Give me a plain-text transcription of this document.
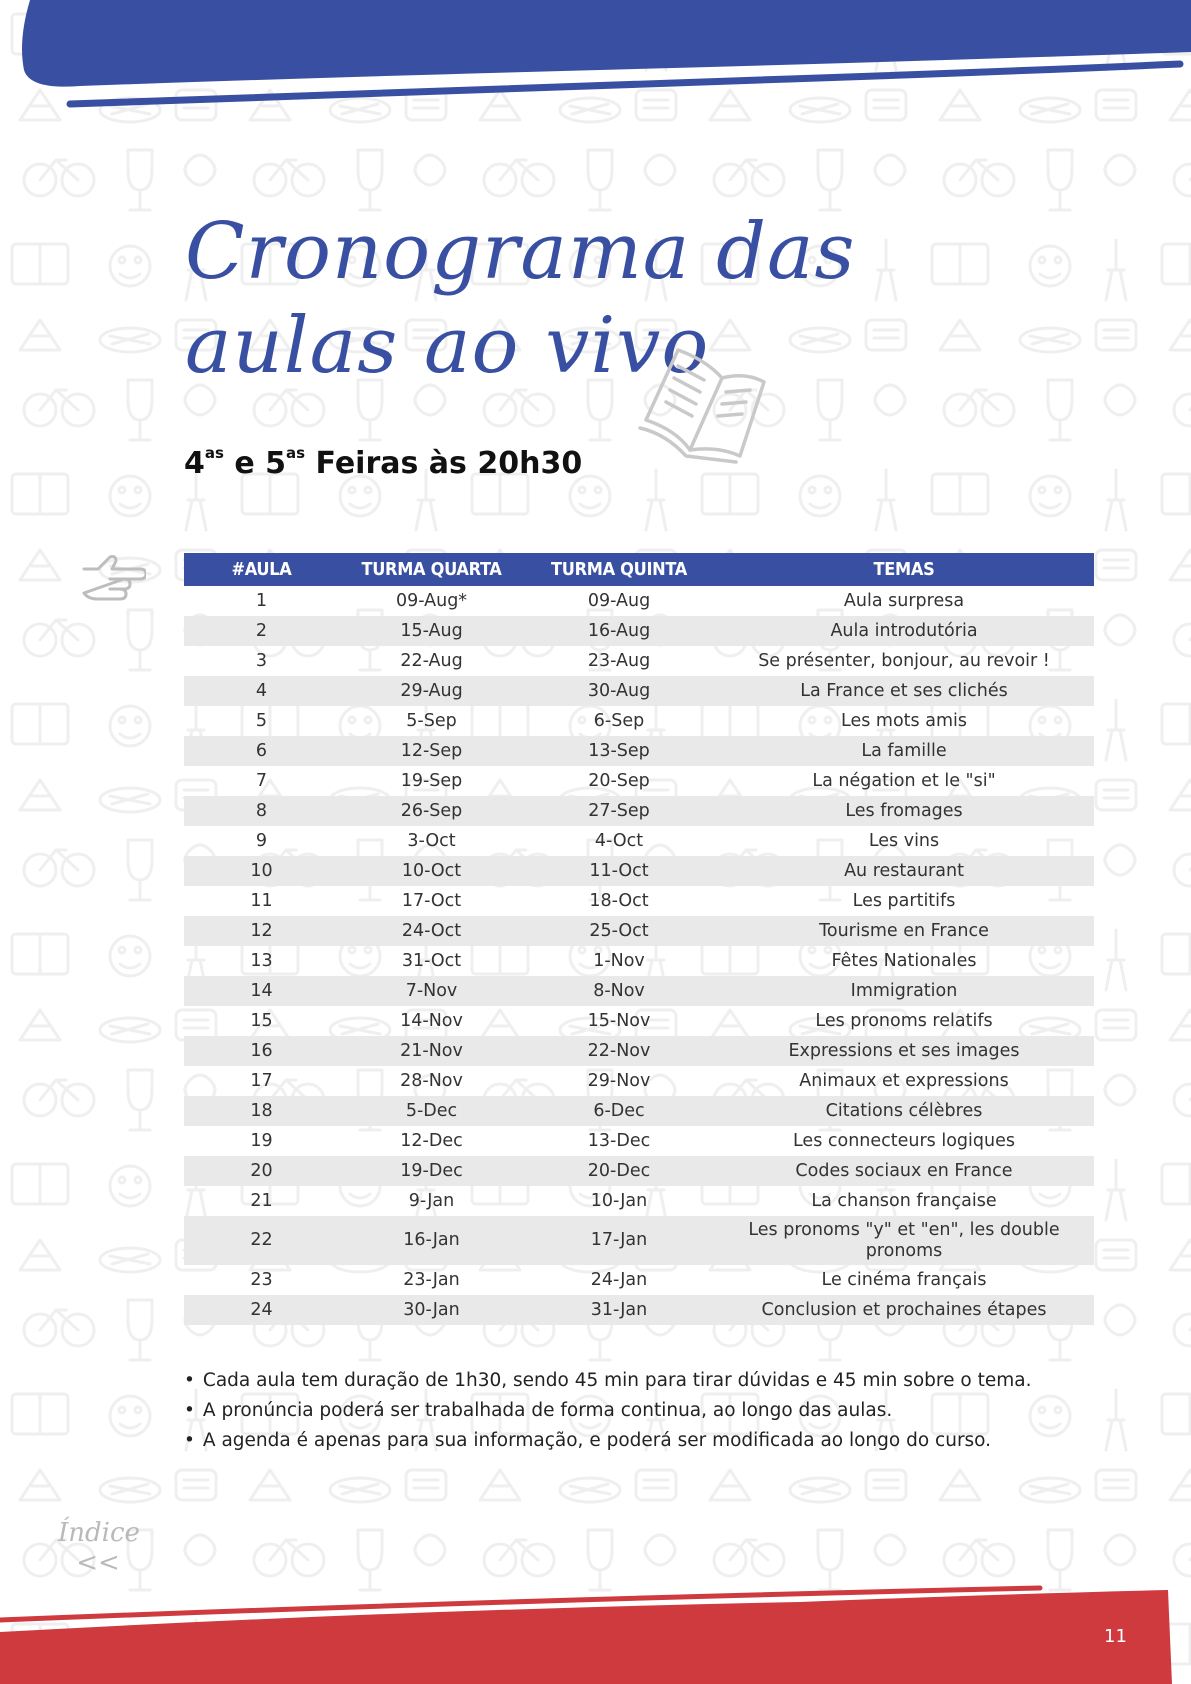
Cronograma das
aulas ao vivo
$4^{as}$ e $5^{as}$ Feiras às 20h30
#AULA	TURMA QUARTA	TURMA QUINTA	TEMAS
1	09-Aug*	09-Aug	Aula surpresa
2	15-Aug	16-Aug	Aula introdutória
3	22-Aug	23-Aug	Se présenter, bonjour, au revoir !
4	29-Aug	30-Aug	La France et ses clichés
5	5-Sep	6-Sep	Les mots amis
6	12-Sep	13-Sep	La famille
7	19-Sep	20-Sep	La négation et le "si"
8	26-Sep	27-Sep	Les fromages
9	3-Oct	4-Oct	Les vins
10	10-Oct	11-Oct	Au restaurant
11	17-Oct	18-Oct	Les partitifs
12	24-Oct	25-Oct	Tourisme en France
13	31-Oct	1-Nov	Fêtes Nationales
14	7-Nov	8-Nov	Immigration
15	14-Nov	15-Nov	Les pronoms relatifs
16	21-Nov	22-Nov	Expressions et ses images
17	28-Nov	29-Nov	Animaux et expressions
18	5-Dec	6-Dec	Citations célèbres
19	12-Dec	13-Dec	Les connecteurs logiques
20	19-Dec	20-Dec	Codes sociaux en France
21	9-Jan	10-Jan	La chanson française
22	16-Jan	17-Jan	Les pronoms "y" et "en", les double pronoms
23	23-Jan	24-Jan	Le cinéma français
24	30-Jan	31-Jan	Conclusion et prochaines étapes
• Cada aula tem duração de 1h30, sendo 45 min para tirar dúvidas e 45 min sobre o tema.
• A pronúncia poderá ser trabalhada de forma continua, ao longo das aulas.
• A agenda é apenas para sua informação, e poderá ser modificada ao longo do curso.
Índice
<<
11
